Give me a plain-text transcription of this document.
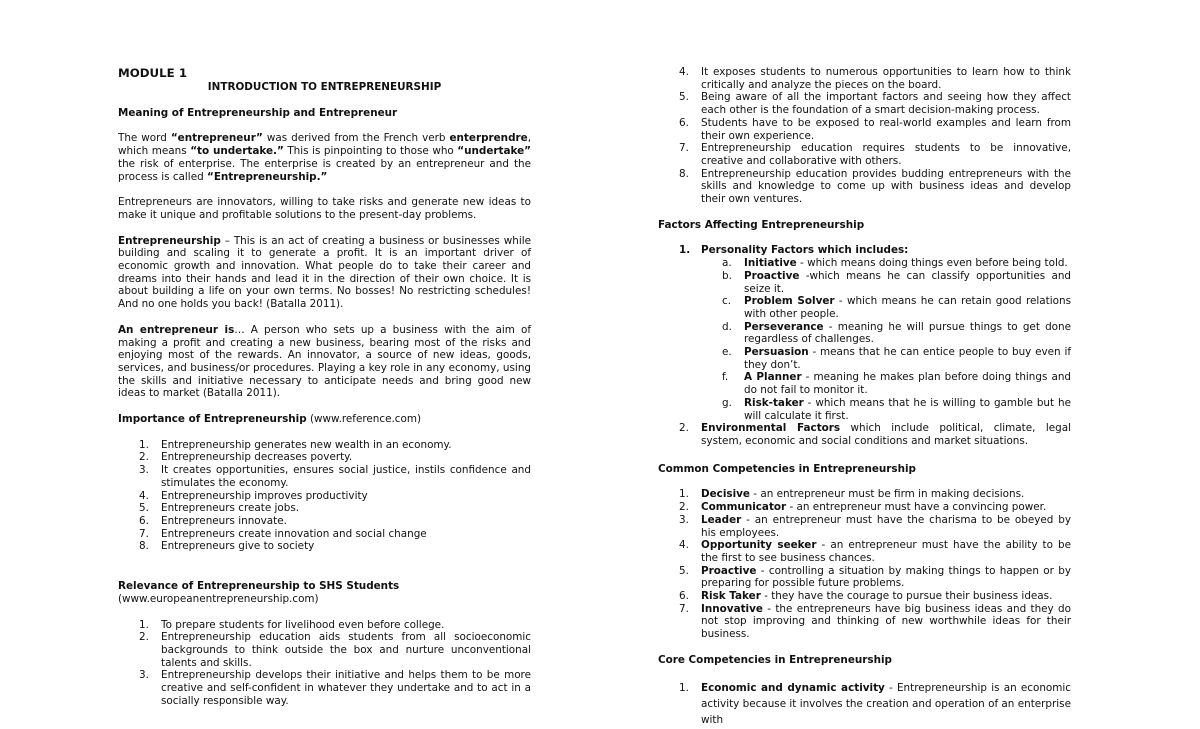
MODULE 1
INTRODUCTION TO ENTREPRENEURSHIP
Meaning of Entrepreneurship and Entrepreneur

The word “entrepreneur” was derived from the French verb enterprendre, which means “to undertake.” This is pinpointing to those who “undertake” the risk of enterprise. The enterprise is created by an entrepreneur and the process is called “Entrepreneurship.”

Entrepreneurs are innovators, willing to take risks and generate new ideas to make it unique and profitable solutions to the present-day problems.

Entrepreneurship – This is an act of creating a business or businesses while building and scaling it to generate a profit. It is an important driver of economic growth and innovation. What people do to take their career and dreams into their hands and lead it in the direction of their own choice. It is about building a life on your own terms. No bosses! No restricting schedules! And no one holds you back! (Batalla 2011).

An entrepreneur is… A person who sets up a business with the aim of making a profit and creating a new business, bearing most of the risks and enjoying most of the rewards. An innovator, a source of new ideas, goods, services, and business/or procedures. Playing a key role in any economy, using the skills and initiative necessary to anticipate needs and bring good new ideas to market (Batalla 2011).

Importance of Entrepreneurship (www.reference.com)
1. Entrepreneurship generates new wealth in an economy.
2. Entrepreneurship decreases poverty.
3. It creates opportunities, ensures social justice, instils confidence and stimulates the economy.
4. Entrepreneurship improves productivity
5. Entrepreneurs create jobs.
6. Entrepreneurs innovate.
7. Entrepreneurs create innovation and social change
8. Entrepreneurs give to society
Relevance of Entrepreneurship to SHS Students
(www.europeanentrepreneurship.com)
1. To prepare students for livelihood even before college.
2. Entrepreneurship education aids students from all socioeconomic backgrounds to think outside the box and nurture unconventional talents and skills.
3. Entrepreneurship develops their initiative and helps them to be more creative and self-confident in whatever they undertake and to act in a socially responsible way.
4. It exposes students to numerous opportunities to learn how to think critically and analyze the pieces on the board.
5. Being aware of all the important factors and seeing how they affect each other is the foundation of a smart decision-making process.
6. Students have to be exposed to real-world examples and learn from their own experience.
7. Entrepreneurship education requires students to be innovative, creative and collaborative with others.
8. Entrepreneurship education provides budding entrepreneurs with the skills and knowledge to come up with business ideas and develop their own ventures.
Factors Affecting Entrepreneurship
1. Personality Factors which includes:
a. Initiative - which means doing things even before being told.
b. Proactive -which means he can classify opportunities and seize it.
c. Problem Solver - which means he can retain good relations with other people.
d. Perseverance - meaning he will pursue things to get done regardless of challenges.
e. Persuasion - means that he can entice people to buy even if they don’t.
f. A Planner - meaning he makes plan before doing things and do not fail to monitor it.
g. Risk-taker - which means that he is willing to gamble but he will calculate it first.
2. Environmental Factors which include political, climate, legal system, economic and social conditions and market situations.
Common Competencies in Entrepreneurship
1. Decisive - an entrepreneur must be firm in making decisions.
2. Communicator - an entrepreneur must have a convincing power.
3. Leader - an entrepreneur must have the charisma to be obeyed by his employees.
4. Opportunity seeker - an entrepreneur must have the ability to be the first to see business chances.
5. Proactive - controlling a situation by making things to happen or by preparing for possible future problems.
6. Risk Taker - they have the courage to pursue their business ideas.
7. Innovative - the entrepreneurs have big business ideas and they do not stop improving and thinking of new worthwhile ideas for their business.
Core Competencies in Entrepreneurship
1. Economic and dynamic activity - Entrepreneurship is an economic activity because it involves the creation and operation of an enterprise with
